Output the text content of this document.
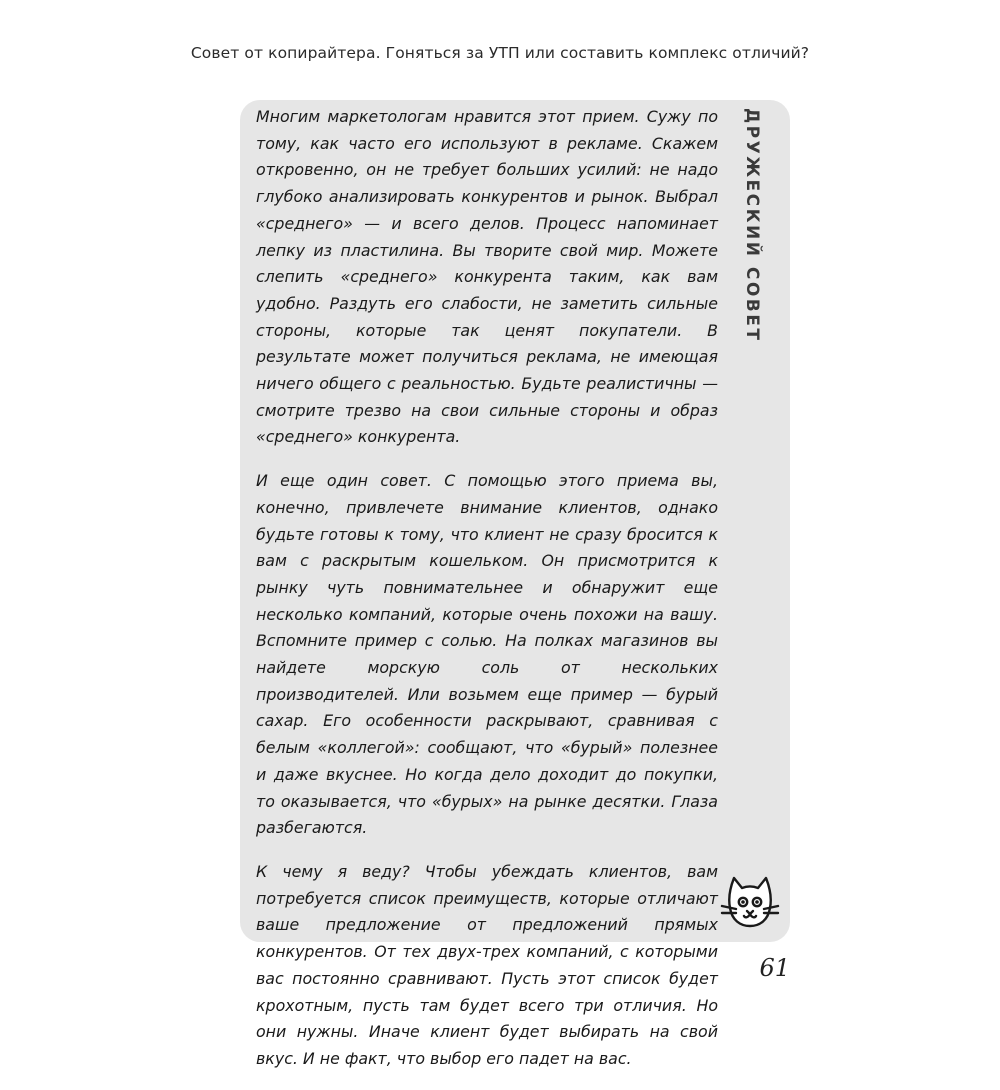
Совет от копирайтера. Гоняться за УТП или составить комплекс отличий?

Многим маркетологам нравится этот прием. Сужу по тому, как часто его используют в рекламе. Скажем откровенно, он не требует больших усилий: не надо глубоко анализировать конкурентов и рынок. Выбрал «среднего» — и всего делов. Процесс напоминает лепку из пластилина. Вы творите свой мир. Можете слепить «среднего» конкурента таким, как вам удобно. Раздуть его слабости, не заметить сильные стороны, которые так ценят покупатели. В результате может получиться реклама, не имеющая ничего общего с реальностью. Будьте реалистичны — смотрите трезво на свои сильные стороны и образ «среднего» конкурента.

И еще один совет. С помощью этого приема вы, конечно, привлечете внимание клиентов, однако будьте готовы к тому, что клиент не сразу бросится к вам с раскрытым кошельком. Он присмотрится к рынку чуть повнимательнее и обнаружит еще несколько компаний, которые очень похожи на вашу. Вспомните пример с солью. На полках магазинов вы найдете морскую соль от нескольких производителей. Или возьмем еще пример — бурый сахар. Его особенности раскрывают, сравнивая с белым «коллегой»: сообщают, что «бурый» полезнее и даже вкуснее. Но когда дело доходит до покупки, то оказывается, что «бурых» на рынке десятки. Глаза разбегаются.

К чему я веду? Чтобы убеждать клиентов, вам потребуется список преимуществ, которые отличают ваше предложение от предложений прямых конкурентов. От тех двух-трех компаний, с которыми вас постоянно сравнивают. Пусть этот список будет крохотным, пусть там будет всего три отличия. Но они нужны. Иначе клиент будет выбирать на свой вкус. И не факт, что выбор его падет на вас.

ДРУЖЕСКИЙ СОВЕТ
61
